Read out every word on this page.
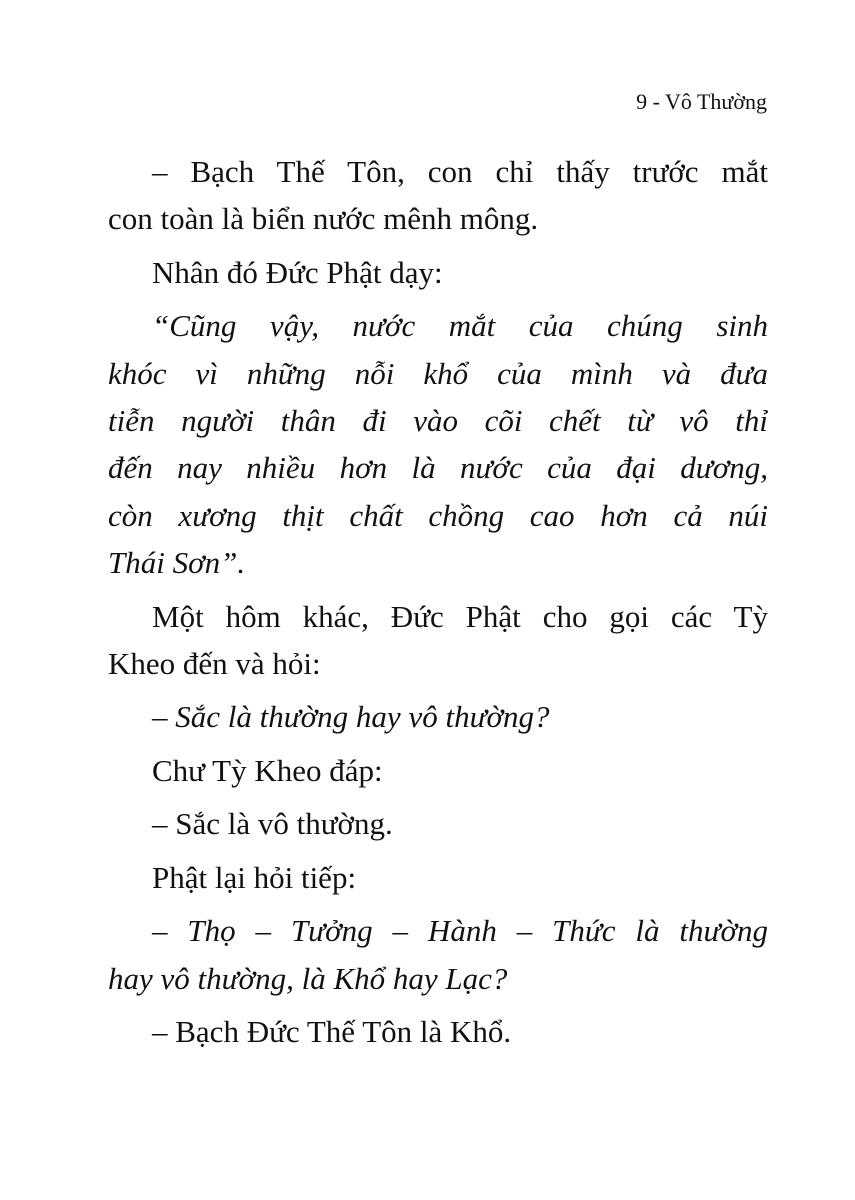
9 - Vô Thường

– Bạch Thế Tôn, con chỉ thấy trước mắt
con toàn là biển nước mênh mông.

Nhân đó Đức Phật dạy:

“Cũng vậy, nước mắt của chúng sinh
khóc vì những nỗi khổ của mình và đưa
tiễn người thân đi vào cõi chết từ vô thỉ
đến nay nhiều hơn là nước của đại dương,
còn xương thịt chất chồng cao hơn cả núi
Thái Sơn”.

Một hôm khác, Đức Phật cho gọi các Tỳ
Kheo đến và hỏi:

– Sắc là thường hay vô thường?

Chư Tỳ Kheo đáp:

– Sắc là vô thường.

Phật lại hỏi tiếp:

– Thọ – Tưởng – Hành – Thức là thường
hay vô thường, là Khổ hay Lạc?

– Bạch Đức Thế Tôn là Khổ.
